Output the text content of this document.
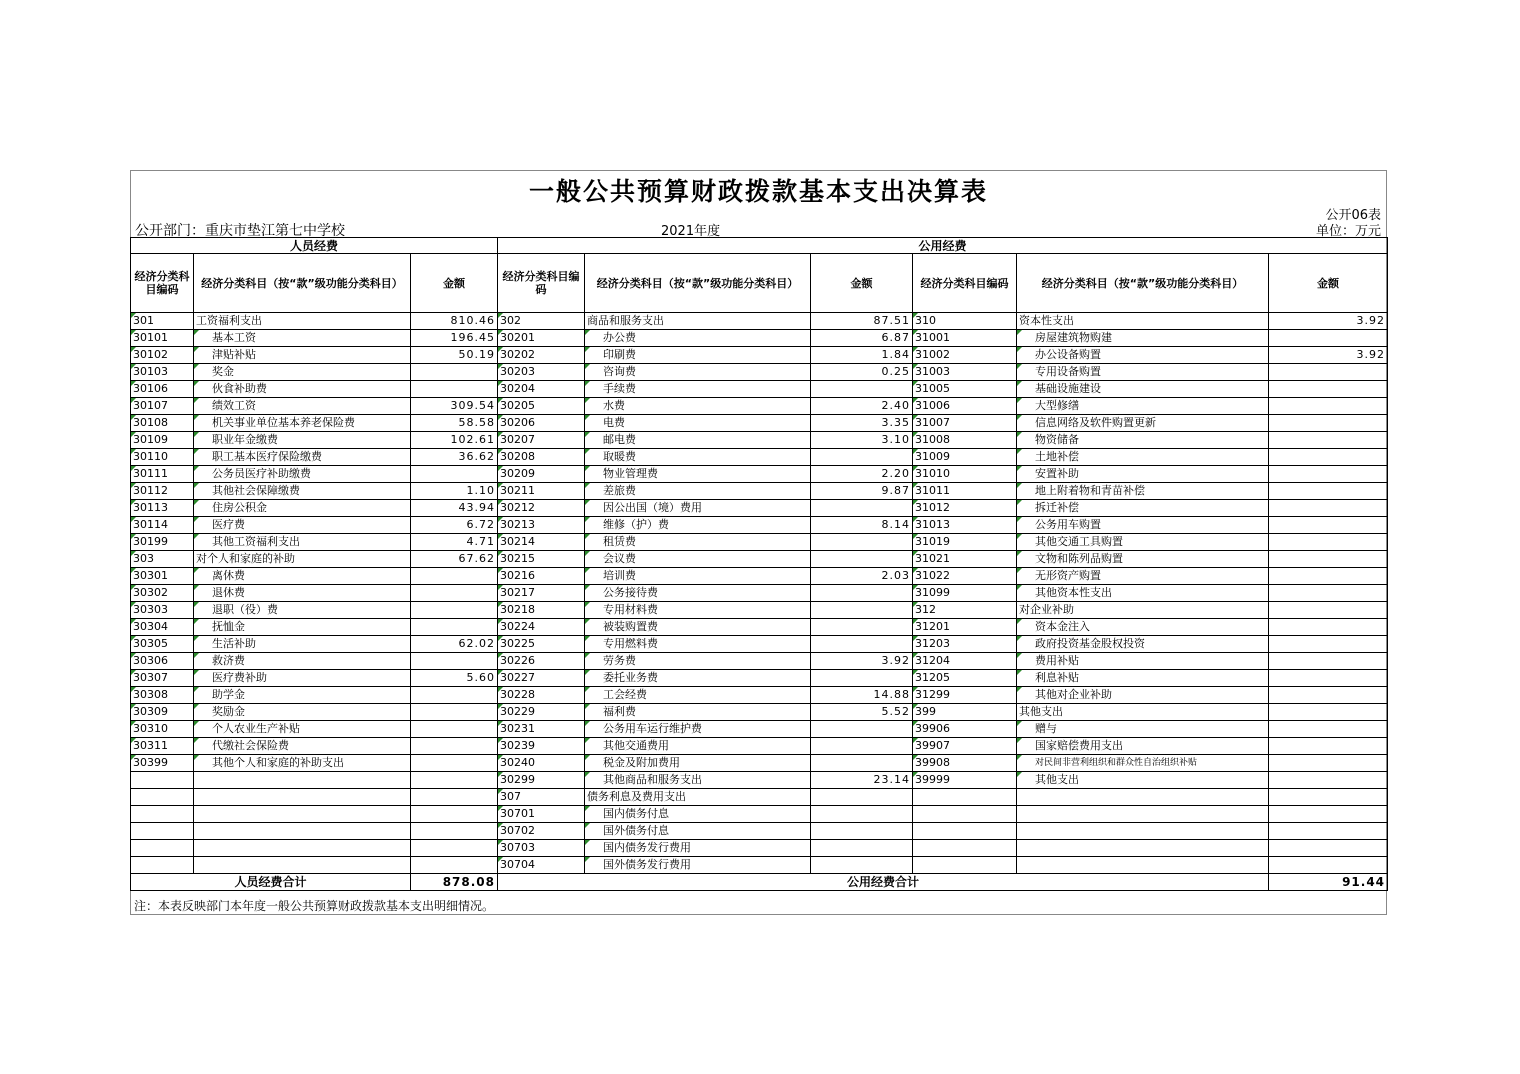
一般公共预算财政拨款基本支出决算表
公开06表
公开部门：重庆市垫江第七中学校	2021年度	单位：万元
人员经费			公用经费					
经济分类科目编码	经济分类科目（按“款”级功能分类科目）	金额	经济分类科目编码	经济分类科目（按“款”级功能分类科目）	金额	经济分类科目编码	经济分类科目（按“款”级功能分类科目）	金额
301	工资福利支出	810.46	302	商品和服务支出	87.51	310	资本性支出	3.92
30101	基本工资	196.45	30201	办公费	6.87	31001	房屋建筑物购建	
30102	津贴补贴	50.19	30202	印刷费	1.84	31002	办公设备购置	3.92
30103	奖金		30203	咨询费	0.25	31003	专用设备购置	
30106	伙食补助费		30204	手续费		31005	基础设施建设	
30107	绩效工资	309.54	30205	水费	2.40	31006	大型修缮	
30108	机关事业单位基本养老保险费	58.58	30206	电费	3.35	31007	信息网络及软件购置更新	
30109	职业年金缴费	102.61	30207	邮电费	3.10	31008	物资储备	
30110	职工基本医疗保险缴费	36.62	30208	取暖费		31009	土地补偿	
30111	公务员医疗补助缴费		30209	物业管理费	2.20	31010	安置补助	
30112	其他社会保障缴费	1.10	30211	差旅费	9.87	31011	地上附着物和青苗补偿	
30113	住房公积金	43.94	30212	因公出国（境）费用		31012	拆迁补偿	
30114	医疗费	6.72	30213	维修（护）费	8.14	31013	公务用车购置	
30199	其他工资福利支出	4.71	30214	租赁费		31019	其他交通工具购置	
303	对个人和家庭的补助	67.62	30215	会议费		31021	文物和陈列品购置	
30301	离休费		30216	培训费	2.03	31022	无形资产购置	
30302	退休费		30217	公务接待费		31099	其他资本性支出	
30303	退职（役）费		30218	专用材料费		312	对企业补助	
30304	抚恤金		30224	被装购置费		31201	资本金注入	
30305	生活补助	62.02	30225	专用燃料费		31203	政府投资基金股权投资	
30306	救济费		30226	劳务费	3.92	31204	费用补贴	
30307	医疗费补助	5.60	30227	委托业务费		31205	利息补贴	
30308	助学金		30228	工会经费	14.88	31299	其他对企业补助	
30309	奖励金		30229	福利费	5.52	399	其他支出	
30310	个人农业生产补贴		30231	公务用车运行维护费		39906	赠与	
30311	代缴社会保险费		30239	其他交通费用		39907	国家赔偿费用支出	
30399	其他个人和家庭的补助支出		30240	税金及附加费用		39908	对民间非营利组织和群众性自治组织补贴	
			30299	其他商品和服务支出	23.14	39999	其他支出	
			307	债务利息及费用支出				
			30701	国内债务付息				
			30702	国外债务付息				
			30703	国内债务发行费用				
			30704	国外债务发行费用				
人员经费合计		878.08	公用经费合计					91.44
注：本表反映部门本年度一般公共预算财政拨款基本支出明细情况。
